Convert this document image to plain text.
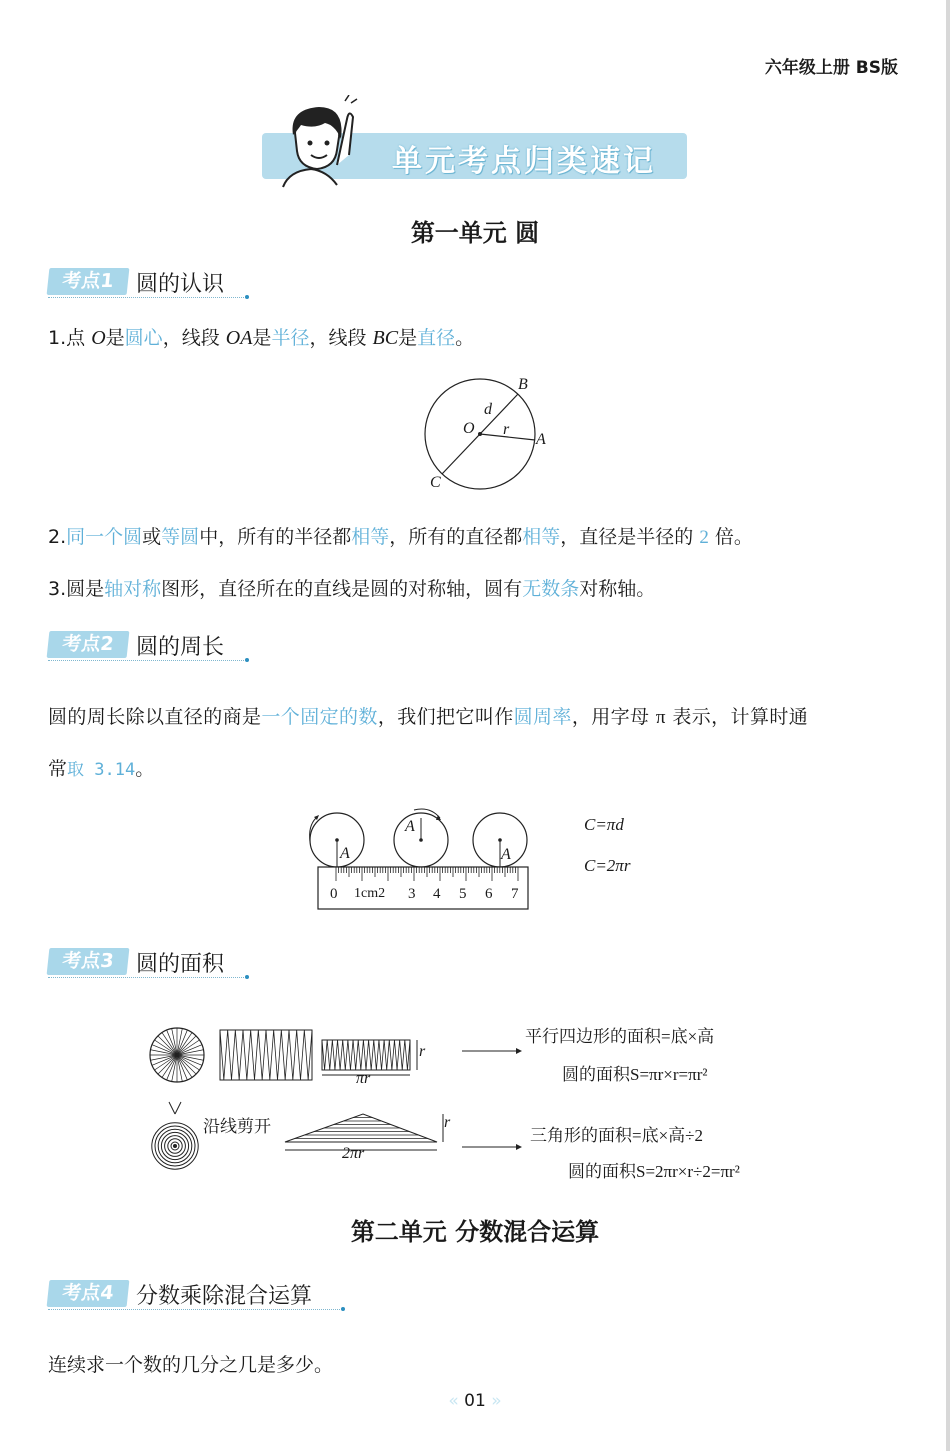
六年级上册 BS版
单元考点归类速记
第一单元 圆
考点1 圆的认识
1.点 O是圆心，线段 OA是半径，线段 BC是直径。
B
d
O r
A
C
2.同一个圆或等圆中，所有的半径都相等，所有的直径都相等，直径是半径的 2 倍。
3.圆是轴对称图形，直径所在的直线是圆的对称轴，圆有无数条对称轴。
考点2 圆的周长
圆的周长除以直径的商是一个固定的数，我们把它叫作圆周率，用字母 π 表示，计算时通
常取 3.14。
A
A
A
0 1cm2 3 4 5 6 7
C=πd
C=2πr
考点3 圆的面积
r
πr
沿线剪开	r
2πr
平行四边形的面积=底×高
圆的面积S=πr×r=πr²
三角形的面积=底×高÷2
圆的面积S=2πr×r÷2=πr²
第二单元 分数混合运算
考点4 分数乘除混合运算
连续求一个数的几分之几是多少。
« 01 »
